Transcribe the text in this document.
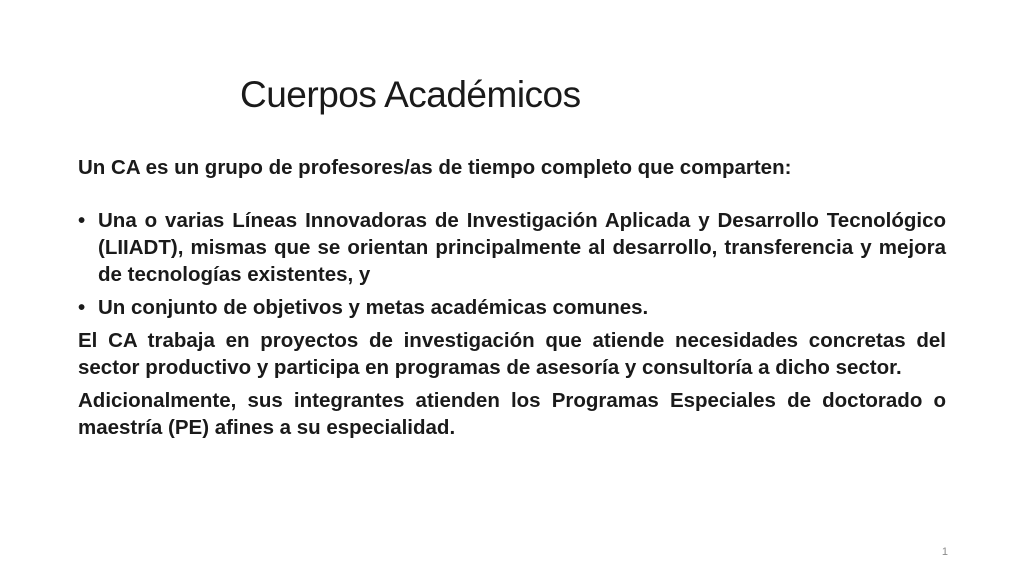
Cuerpos Académicos

Un CA es un grupo de profesores/as de tiempo completo que comparten:

• Una o varias Líneas Innovadoras de Investigación Aplicada y Desarrollo Tecnológico (LIIADT), mismas que se orientan principalmente al desarrollo, transferencia y mejora de tecnologías existentes, y
• Un conjunto de objetivos y metas académicas comunes.

El CA trabaja en proyectos de investigación que atiende necesidades concretas del sector productivo y participa en programas de asesoría y consultoría a dicho sector.

Adicionalmente, sus integrantes atienden los Programas Especiales de doctorado o maestría (PE) afines a su especialidad.

1
